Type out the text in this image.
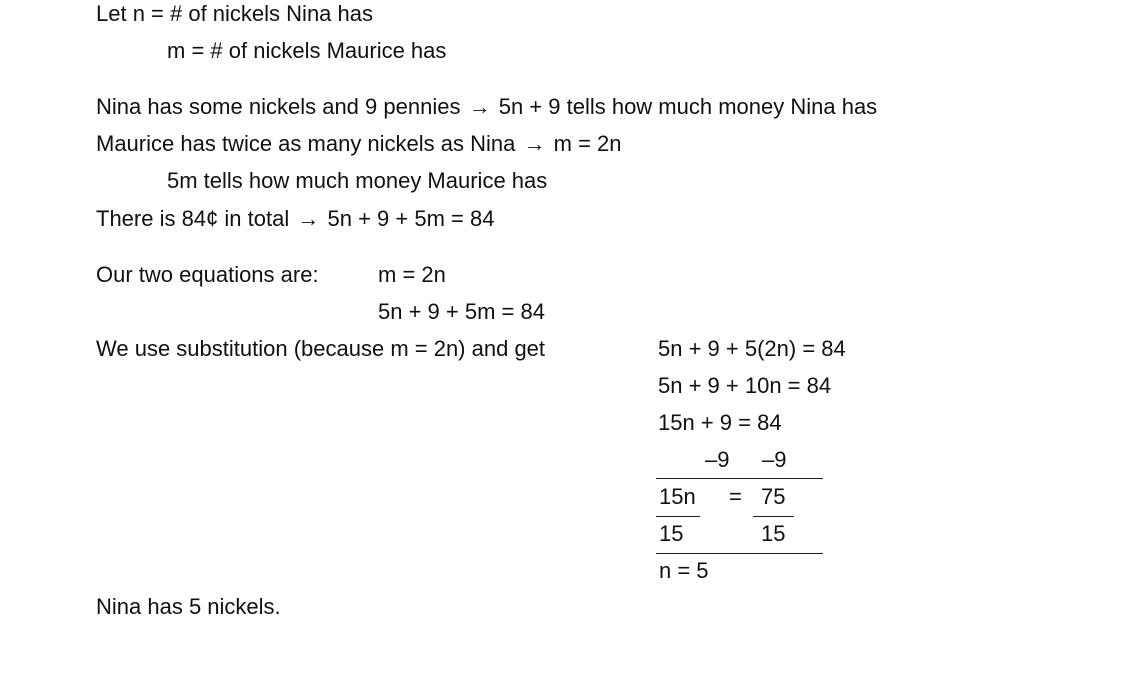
Let n = # of nickels Nina has
m = # of nickels Maurice has
Nina has some nickels and 9 pennies → 5n + 9 tells how much money Nina has
Maurice has twice as many nickels as Nina → m = 2n
5m tells how much money Maurice has
There is 84¢ in total → 5n + 9 + 5m = 84
Our two equations are:	m = 2n
5n + 9 + 5m = 84
We use substitution (because m = 2n) and get	5n + 9 + 5(2n) = 84
5n + 9 + 10n = 84
15n + 9 = 84
–9 –9
15n = 75
15	15
n = 5
Nina has 5 nickels.
